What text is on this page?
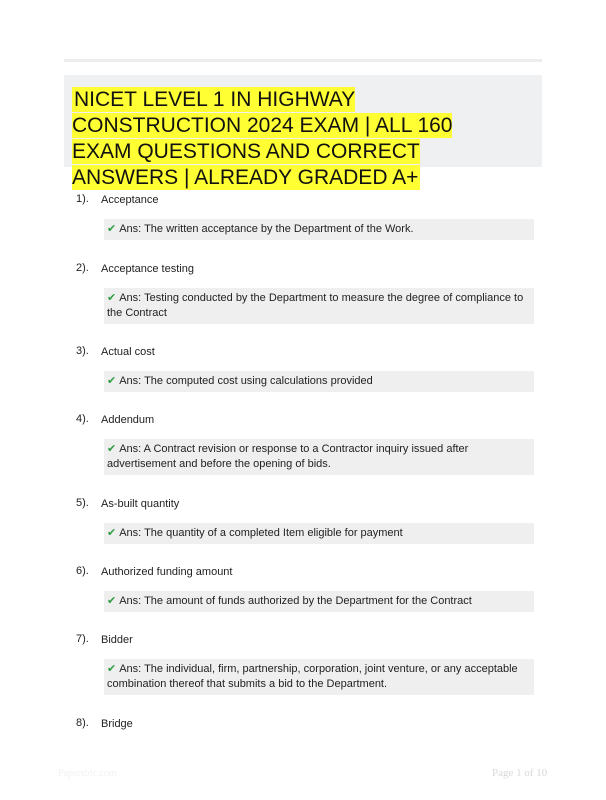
NICET LEVEL 1 IN HIGHWAY CONSTRUCTION 2024 EXAM | ALL 160 EXAM QUESTIONS AND CORRECT ANSWERS | ALREADY GRADED A+
1). Acceptance
✔ Ans: The written acceptance by the Department of the Work.
2). Acceptance testing
✔ Ans: Testing conducted by the Department to measure the degree of compliance to the Contract
3). Actual cost
✔ Ans: The computed cost using calculations provided
4). Addendum
✔ Ans: A Contract revision or response to a Contractor inquiry issued after advertisement and before the opening of bids.
5). As-built quantity
✔ Ans: The quantity of a completed Item eligible for payment
6). Authorized funding amount
✔ Ans: The amount of funds authorized by the Department for the Contract
7). Bidder
✔ Ans: The individual, firm, partnership, corporation, joint venture, or any acceptable combination thereof that submits a bid to the Department.
8). Bridge
Papersbic.com	Page 1 of 10
